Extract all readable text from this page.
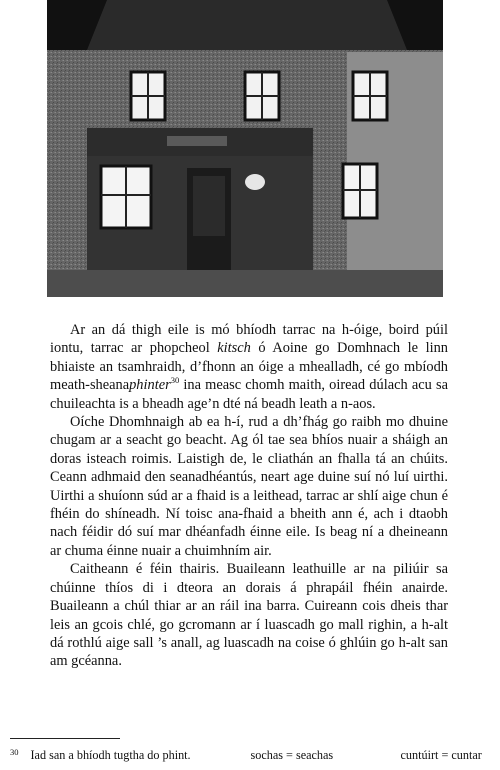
Ar an dá thigh eile is mó bhíodh tarrac na h-óige, boird púil iontu, tarrac ar phopcheol kitsch ó Aoine go Domhnach le linn bhiaiste an tsamhraidh, d’fhonn an óige a mhealladh, cé go mbíodh meath-sheanaphinter$^{30}$ ina measc chomh maith, oiread dúlach acu sa chuileachta is a bheadh age’n dté ná beadh leath a n-aos.

Oíche Dhomhnaigh ab ea h-í, rud a dh’fhág go raibh mo dhuine chugam ar a seacht go beacht. Ag ól tae sea bhíos nuair a sháigh an doras isteach roimis. Laistigh de, le cliathán an fhalla tá an chúits. Ceann adhmaid den seanadhéantús, neart age duine suí nó luí uirthi. Uirthi a shuíonn súd ar a fhaid is a leithead, tarrac ar shlí aige chun é fhéin do shíneadh. Ní toisc ana-fhaid a bheith ann é, ach i dtaobh nach féidir dó suí mar dhéanfadh éinne eile. Is beag ní a dheineann ar chuma éinne nuair a chuimhním air.

Caitheann é féin thairis. Buaileann leathuille ar na piliúir sa chúinne thíos di i dteora an dorais á phrapáil fhéin anairde. Buaileann a chúl thiar ar an ráil ina barra. Cuireann cois dheis thar leis an gcois chlé, go gcromann ar í luascadh go mall righin, a h-alt dá rothlú aige sall ’s anall, ag luascadh na coise ó ghlúin go h-alt san am gcéanna.

$^{30}$ Iad san a bhíodh tugtha do phint.	sochas = seachas	cuntúirt = cuntar
